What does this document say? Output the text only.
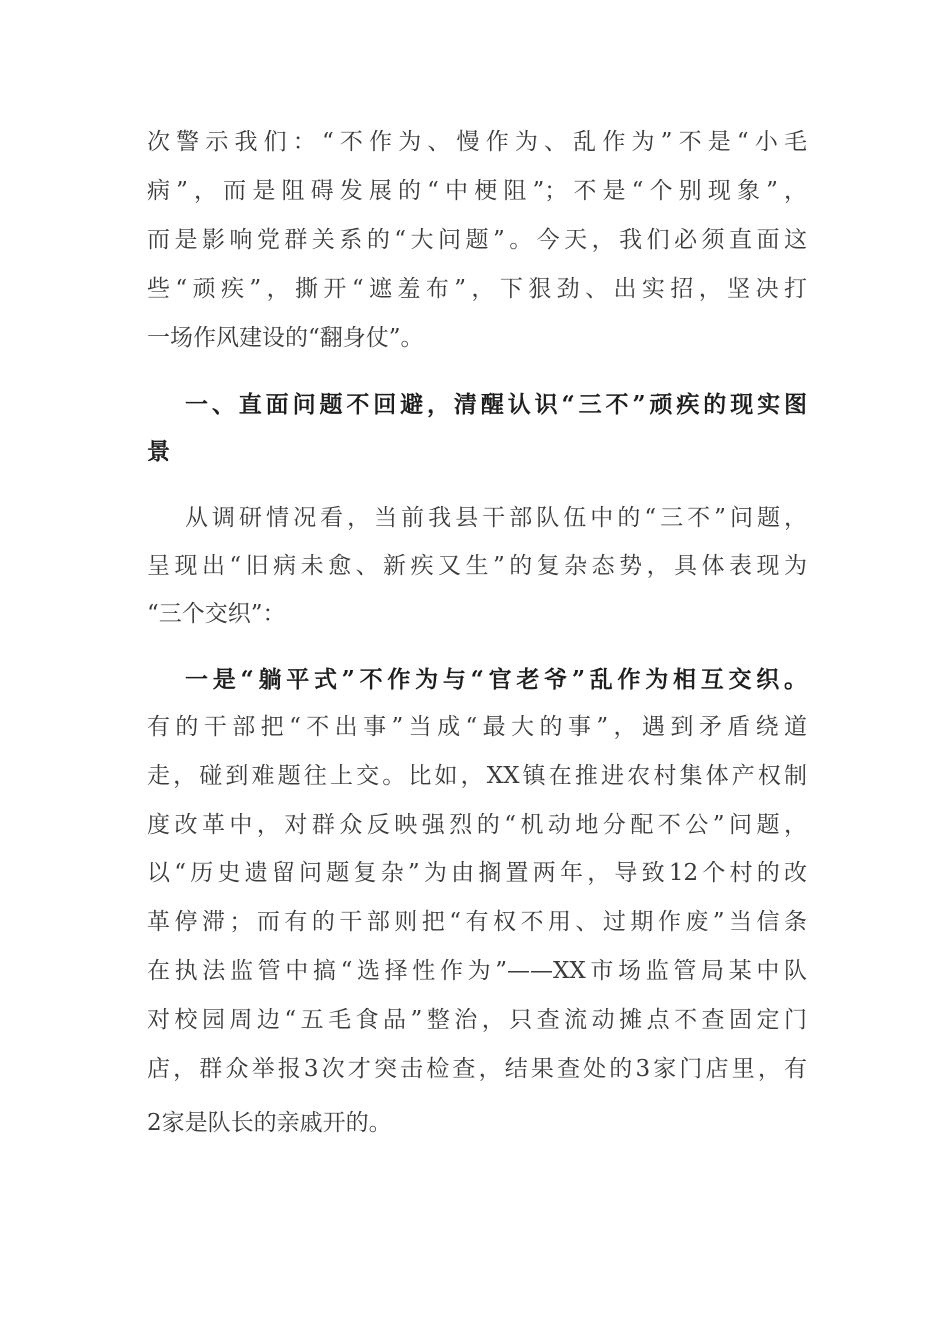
次警示我们：“不作为、慢作为、乱作为”不是“小毛
病”，而是阻碍发展的“中梗阻”；不是“个别现象”，
而是影响党群关系的“大问题”。今天，我们必须直面这
些“顽疾”，撕开“遮羞布”，下狠劲、出实招，坚决打
一场作风建设的“翻身仗”。
一、直面问题不回避，清醒认识“三不”顽疾的现实图
景
从调研情况看，当前我县干部队伍中的“三不”问题，
呈现出“旧病未愈、新疾又生”的复杂态势，具体表现为
“三个交织”：
一是“躺平式”不作为与“官老爷”乱作为相互交织。
有的干部把“不出事”当成“最大的事”，遇到矛盾绕道
走，碰到难题往上交。比如，XX镇在推进农村集体产权制
度改革中，对群众反映强烈的“机动地分配不公”问题，
以“历史遗留问题复杂”为由搁置两年，导致12个村的改
革停滞；而有的干部则把“有权不用、过期作废”当信条
在执法监管中搞“选择性作为”——XX市场监管局某中队
对校园周边“五毛食品”整治，只查流动摊点不查固定门
店，群众举报3次才突击检查，结果查处的3家门店里，有
2家是队长的亲戚开的。
